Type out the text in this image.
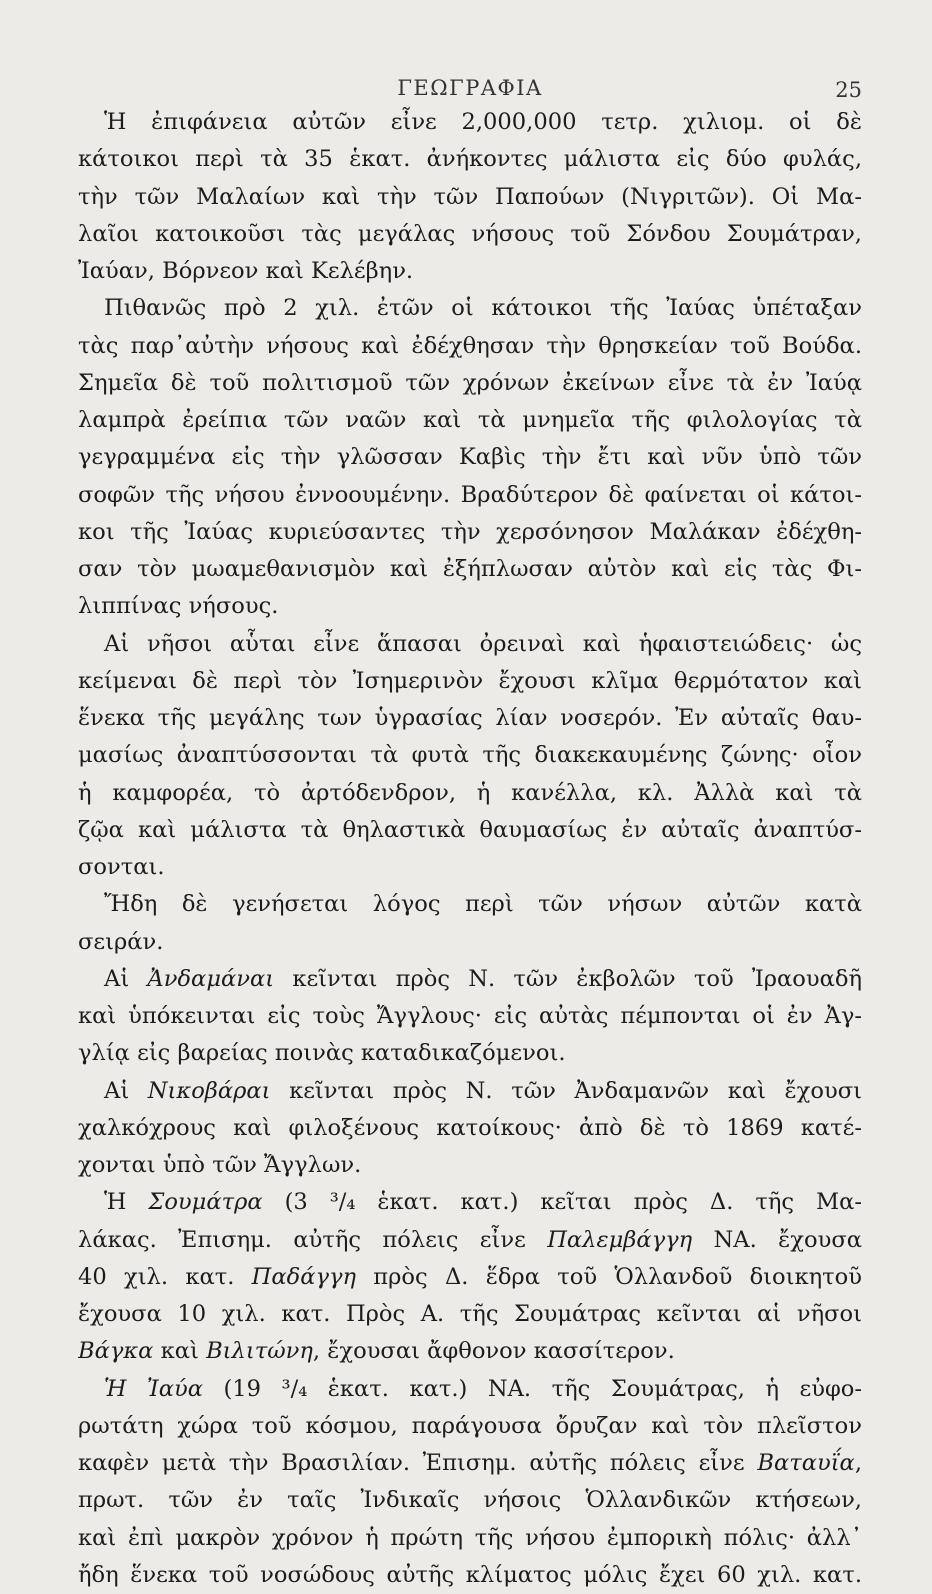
ΓΕΩΓΡΑΦΙΑ	25
Ἡ ἐπιφάνεια αὐτῶν εἶνε 2,000,000 τετρ. χιλιομ. οἱ δὲ
κάτοικοι περὶ τὰ 35 ἑκατ. ἀνήκοντες μάλιστα εἰς δύο φυλάς,
τὴν τῶν Μαλαίων καὶ τὴν τῶν Παπούων (Νιγριτῶν). Οἱ Μα-
λαῖοι κατοικοῦσι τὰς μεγάλας νήσους τοῦ Σόνδου Σουμάτραν,
Ἰαύαν, Βόρνεον καὶ Κελέβην.
Πιθανῶς πρὸ 2 χιλ. ἐτῶν οἱ κάτοικοι τῆς Ἰαύας ὑπέταξαν
τὰς παρ᾽αὐτὴν νήσους καὶ ἐδέχθησαν τὴν θρησκείαν τοῦ Βούδα.
Σημεῖα δὲ τοῦ πολιτισμοῦ τῶν χρόνων ἐκείνων εἶνε τὰ ἐν Ἰαύᾳ
λαμπρὰ ἐρείπια τῶν ναῶν καὶ τὰ μνημεῖα τῆς φιλολογίας τὰ
γεγραμμένα εἰς τὴν γλῶσσαν Καβὶς τὴν ἔτι καὶ νῦν ὑπὸ τῶν
σοφῶν τῆς νήσου ἐννοουμένην. Βραδύτερον δὲ φαίνεται οἱ κάτοι-
κοι τῆς Ἰαύας κυριεύσαντες τὴν χερσόνησον Μαλάκαν ἐδέχθη-
σαν τὸν μωαμεθανισμὸν καὶ ἐξήπλωσαν αὐτὸν καὶ εἰς τὰς Φι-
λιππίνας νήσους.
Αἱ νῆσοι αὗται εἶνε ἅπασαι ὀρειναὶ καὶ ἡφαιστειώδεις· ὡς
κείμεναι δὲ περὶ τὸν Ἰσημερινὸν ἔχουσι κλῖμα θερμότατον καὶ
ἕνεκα τῆς μεγάλης των ὑγρασίας λίαν νοσερόν. Ἐν αὐταῖς θαυ-
μασίως ἀναπτύσσονται τὰ φυτὰ τῆς διακεκαυμένης ζώνης· οἷον
ἡ καμφορέα, τὸ ἀρτόδενδρον, ἡ κανέλλα, κλ. Ἀλλὰ καὶ τὰ
ζῷα καὶ μάλιστα τὰ θηλαστικὰ θαυμασίως ἐν αὐταῖς ἀναπτύσ-
σονται.
Ἤδη δὲ γενήσεται λόγος περὶ τῶν νήσων αὐτῶν κατὰ
σειράν.
Αἱ Ἀνδαμάναι κεῖνται πρὸς Ν. τῶν ἐκβολῶν τοῦ Ἰραουαδῆ
καὶ ὑπόκεινται εἰς τοὺς Ἄγγλους· εἰς αὐτὰς πέμπονται οἱ ἐν Ἀγ-
γλίᾳ εἰς βαρείας ποινὰς καταδικαζόμενοι.
Αἱ Νικοβάραι κεῖνται πρὸς Ν. τῶν Ἀνδαμανῶν καὶ ἔχουσι
χαλκόχρους καὶ φιλοξένους κατοίκους· ἀπὸ δὲ τὸ 1869 κατέ-
χονται ὑπὸ τῶν Ἄγγλων.
Ἡ Σουμάτρα (3 ³/₄ ἑκατ. κατ.) κεῖται πρὸς Δ. τῆς Μα-
λάκας. Ἐπισημ. αὐτῆς πόλεις εἶνε Παλεμβάγγη ΝΑ. ἔχουσα
40 χιλ. κατ. Παδάγγη πρὸς Δ. ἕδρα τοῦ Ὁλλανδοῦ διοικητοῦ
ἔχουσα 10 χιλ. κατ. Πρὸς Α. τῆς Σουμάτρας κεῖνται αἱ νῆσοι
Βάγκα καὶ Βιλιτώνη, ἔχουσαι ἄφθονον κασσίτερον.
Ἡ Ἰαύα (19 ³/₄ ἑκατ. κατ.) ΝΑ. τῆς Σουμάτρας, ἡ εὐφο-
ρωτάτη χώρα τοῦ κόσμου, παράγουσα ὄρυζαν καὶ τὸν πλεῖστον
καφὲν μετὰ τὴν Βρασιλίαν. Ἐπισημ. αὐτῆς πόλεις εἶνε Βαταυΐα,
πρωτ. τῶν ἐν ταῖς Ἰνδικαῖς νήσοις Ὁλλανδικῶν κτήσεων,
καὶ ἐπὶ μακρὸν χρόνον ἡ πρώτη τῆς νήσου ἐμπορικὴ πόλις· ἀλλ᾽
ἤδη ἕνεκα τοῦ νοσώδους αὐτῆς κλίματος μόλις ἔχει 60 χιλ. κατ.
